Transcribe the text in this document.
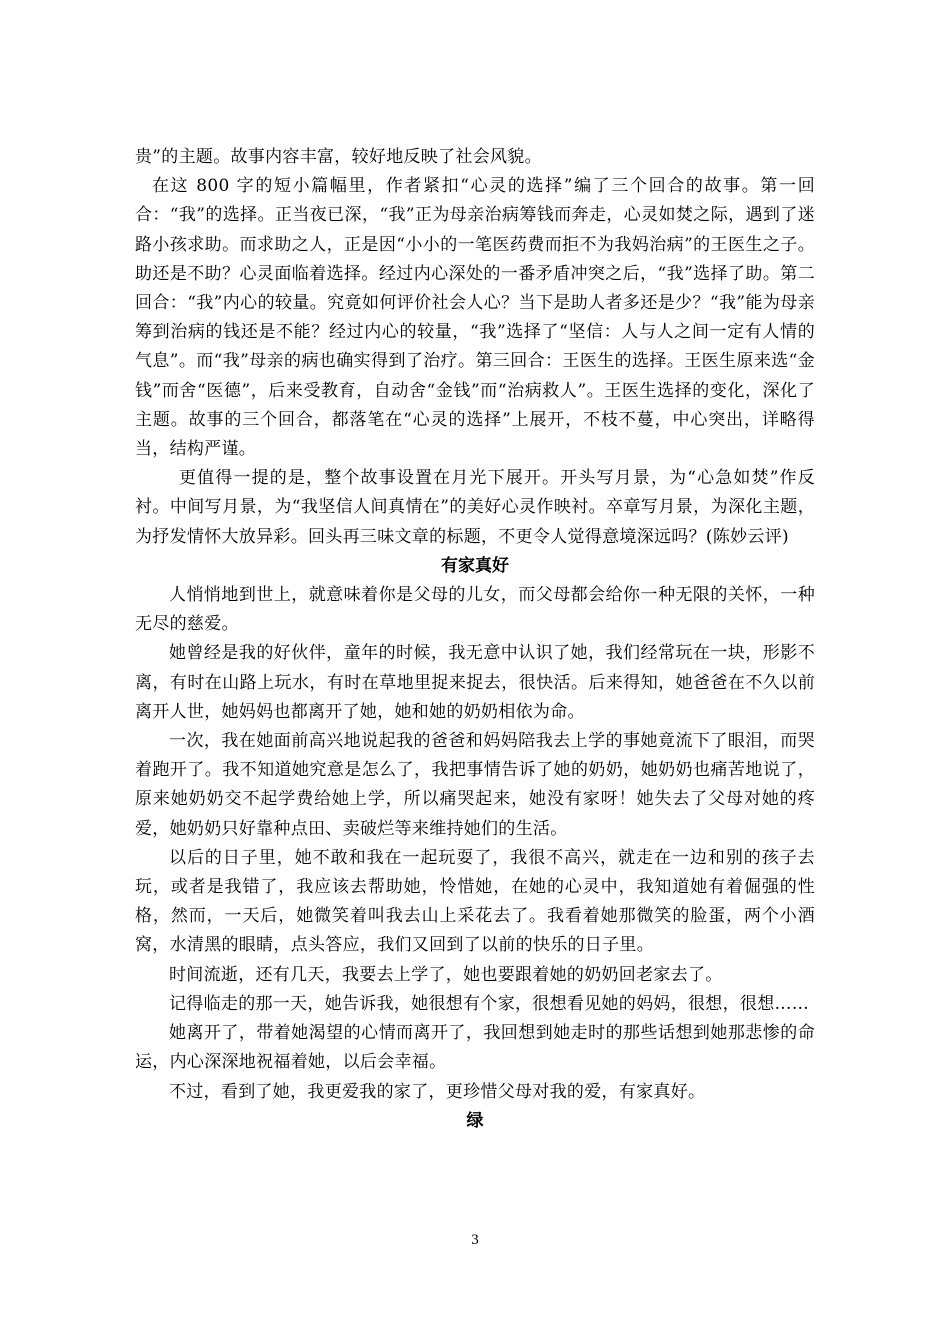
贵”的主题。故事内容丰富，较好地反映了社会风貌。

在这 800 字的短小篇幅里，作者紧扣“心灵的选择”编了三个回合的故事。第一回合：“我”的选择。正当夜已深，“我”正为母亲治病筹钱而奔走，心灵如焚之际，遇到了迷路小孩求助。而求助之人，正是因“小小的一笔医药费而拒不为我妈治病”的王医生之子。助还是不助？心灵面临着选择。经过内心深处的一番矛盾冲突之后，“我”选择了助。第二回合：“我”内心的较量。究竟如何评价社会人心？当下是助人者多还是少？“我”能为母亲筹到治病的钱还是不能？经过内心的较量，“我”选择了“坚信：人与人之间一定有人情的气息”。而“我”母亲的病也确实得到了治疗。第三回合：王医生的选择。王医生原来选“金钱”而舍“医德”，后来受教育，自动舍“金钱”而“治病救人”。王医生选择的变化，深化了主题。故事的三个回合，都落笔在“心灵的选择”上展开，不枝不蔓，中心突出，详略得当，结构严谨。

更值得一提的是，整个故事设置在月光下展开。开头写月景，为“心急如焚”作反衬。中间写月景，为“我坚信人间真情在”的美好心灵作映衬。卒章写月景，为深化主题，为抒发情怀大放异彩。回头再三味文章的标题，不更令人觉得意境深远吗？(陈妙云评)

有家真好

人悄悄地到世上，就意味着你是父母的儿女，而父母都会给你一种无限的关怀，一种无尽的慈爱。

她曾经是我的好伙伴，童年的时候，我无意中认识了她，我们经常玩在一块，形影不离，有时在山路上玩水，有时在草地里捉来捉去，很快活。后来得知，她爸爸在不久以前离开人世，她妈妈也都离开了她，她和她的奶奶相依为命。

一次，我在她面前高兴地说起我的爸爸和妈妈陪我去上学的事她竟流下了眼泪，而哭着跑开了。我不知道她究意是怎么了，我把事情告诉了她的奶奶，她奶奶也痛苦地说了，原来她奶奶交不起学费给她上学，所以痛哭起来，她没有家呀！她失去了父母对她的疼爱，她奶奶只好靠种点田、卖破烂等来维持她们的生活。

以后的日子里，她不敢和我在一起玩耍了，我很不高兴，就走在一边和别的孩子去玩，或者是我错了，我应该去帮助她，怜惜她，在她的心灵中，我知道她有着倔强的性格，然而，一天后，她微笑着叫我去山上采花去了。我看着她那微笑的脸蛋，两个小酒窝，水清黑的眼睛，点头答应，我们又回到了以前的快乐的日子里。

时间流逝，还有几天，我要去上学了，她也要跟着她的奶奶回老家去了。

记得临走的那一天，她告诉我，她很想有个家，很想看见她的妈妈，很想，很想……

她离开了，带着她渴望的心情而离开了，我回想到她走时的那些话想到她那悲惨的命运，内心深深地祝福着她，以后会幸福。

不过，看到了她，我更爱我的家了，更珍惜父母对我的爱，有家真好。

绿

3
